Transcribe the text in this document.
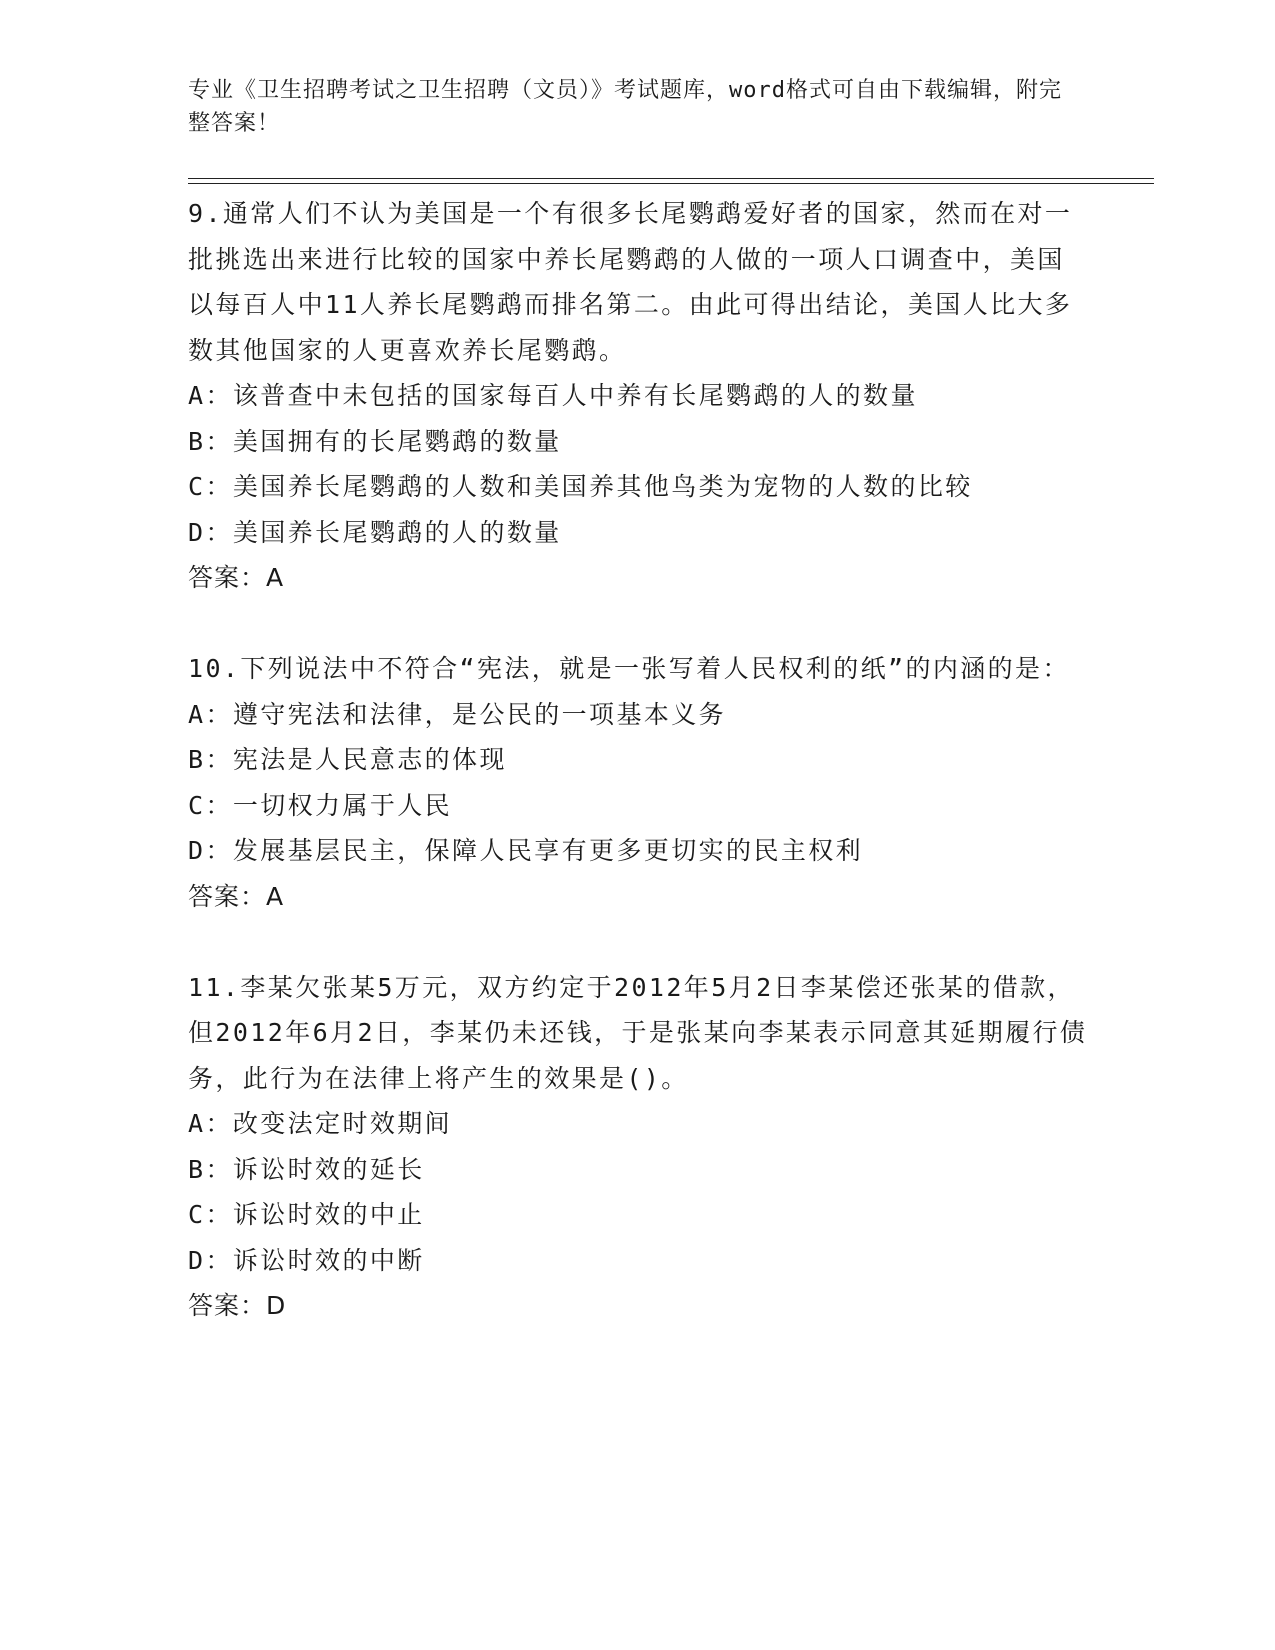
专业《卫生招聘考试之卫生招聘（文员）》考试题库，word格式可自由下载编辑，附完整答案！

9.通常人们不认为美国是一个有很多长尾鹦鹉爱好者的国家，然而在对一批挑选出来进行比较的国家中养长尾鹦鹉的人做的一项人口调查中，美国以每百人中11人养长尾鹦鹉而排名第二。由此可得出结论，美国人比大多数其他国家的人更喜欢养长尾鹦鹉。

A：该普查中未包括的国家每百人中养有长尾鹦鹉的人的数量

B：美国拥有的长尾鹦鹉的数量

C：美国养长尾鹦鹉的人数和美国养其他鸟类为宠物的人数的比较

D：美国养长尾鹦鹉的人的数量

答案：A

10.下列说法中不符合“宪法，就是一张写着人民权利的纸”的内涵的是：

A：遵守宪法和法律，是公民的一项基本义务

B：宪法是人民意志的体现

C：一切权力属于人民

D：发展基层民主，保障人民享有更多更切实的民主权利

答案：A

11.李某欠张某5万元，双方约定于2012年5月2日李某偿还张某的借款，但2012年6月2日，李某仍未还钱，于是张某向李某表示同意其延期履行债务，此行为在法律上将产生的效果是()。

A：改变法定时效期间

B：诉讼时效的延长

C：诉讼时效的中止

D：诉讼时效的中断

答案：D
